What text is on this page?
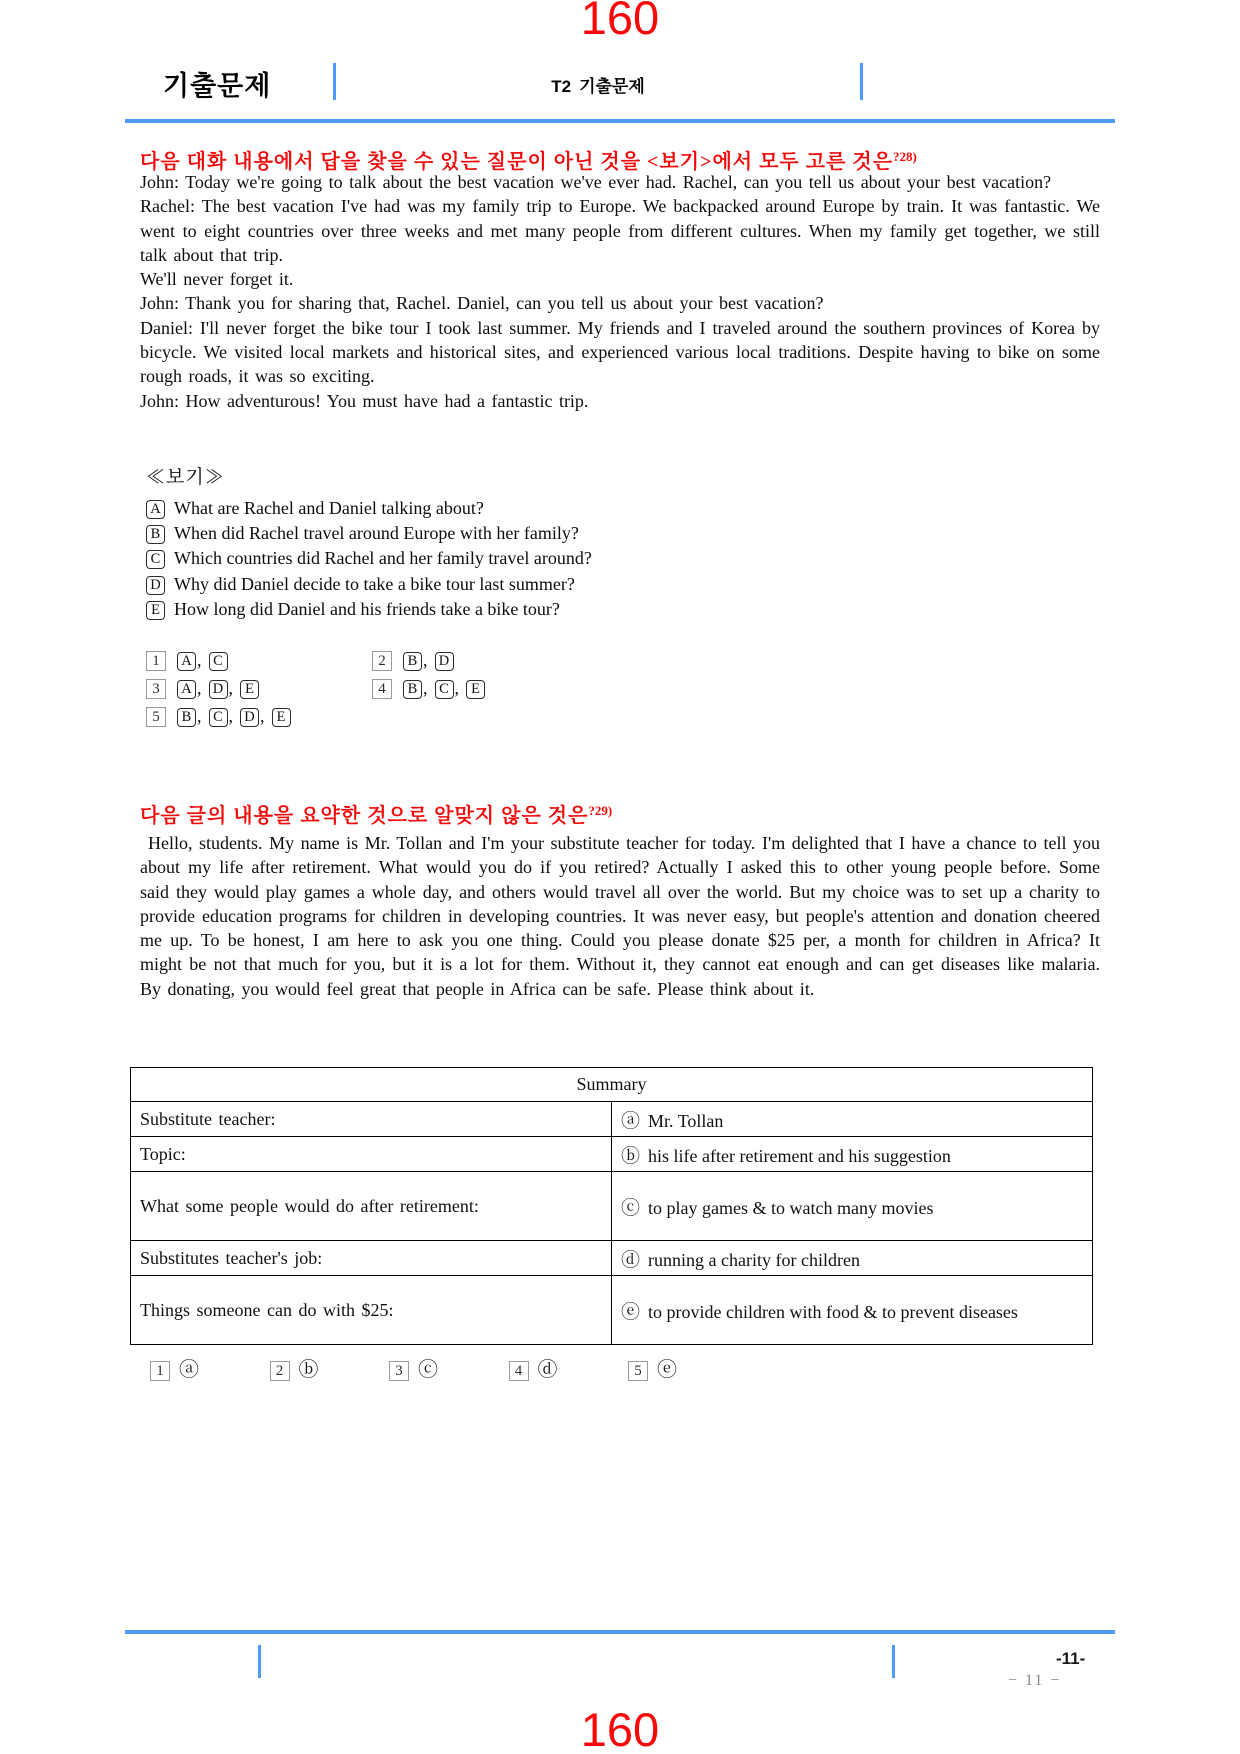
160
기출문제	T2 기출문제
다음 대화 내용에서 답을 찾을 수 있는 질문이 아닌 것을 <보기>에서 모두 고른 것은$^{?28)}$

John: Today we're going to talk about the best vacation we've ever had. Rachel, can you tell us about your best vacation?

Rachel: The best vacation I've had was my family trip to Europe. We backpacked around Europe by train. It was fantastic. We went to eight countries over three weeks and met many people from different cultures. When my family get together, we still talk about that trip.

We'll never forget it.

John: Thank you for sharing that, Rachel. Daniel, can you tell us about your best vacation?

Daniel: I'll never forget the bike tour I took last summer. My friends and I traveled around the southern provinces of Korea by bicycle. We visited local markets and historical sites, and experienced various local traditions. Despite having to bike on some rough roads, it was so exciting.

John: How adventurous! You must have had a fantastic trip.

≪보기≫
A What are Rachel and Daniel talking about?
B When did Rachel travel around Europe with her family?
C Which countries did Rachel and her family travel around?
D Why did Daniel decide to take a bike tour last summer?
E How long did Daniel and his friends take a bike tour?
1 A , C	2 B , D
3 A , D , E	4 B , C , E
5 B , C , D , E
다음 글의 내용을 요약한 것으로 알맞지 않은 것은$^{?29)}$

Hello, students. My name is Mr. Tollan and I'm your substitute teacher for today. I'm delighted that I have a chance to tell you about my life after retirement. What would you do if you retired? Actually I asked this to other young people before. Some said they would play games a whole day, and others would travel all over the world. But my choice was to set up a charity to provide education programs for children in developing countries. It was never easy, but people's attention and donation cheered me up. To be honest, I am here to ask you one thing. Could you please donate $25 per, a month for children in Africa? It might be not that much for you, but it is a lot for them. Without it, they cannot eat enough and can get diseases like malaria. By donating, you would feel great that people in Africa can be safe. Please think about it.

Summary	
Substitute teacher:	ⓐ Mr. Tollan
Topic:	ⓑ his life after retirement and his suggestion
What some people would do after retirement:	ⓒ to play games & to watch many movies
Substitutes teacher's job:	ⓓ running a charity for children
Things someone can do with $25:	ⓔ to provide children with food & to prevent diseases
1 ⓐ	2 ⓑ	3 ⓒ	4 ⓓ	5 ⓔ
-11-
− 11 −
160
